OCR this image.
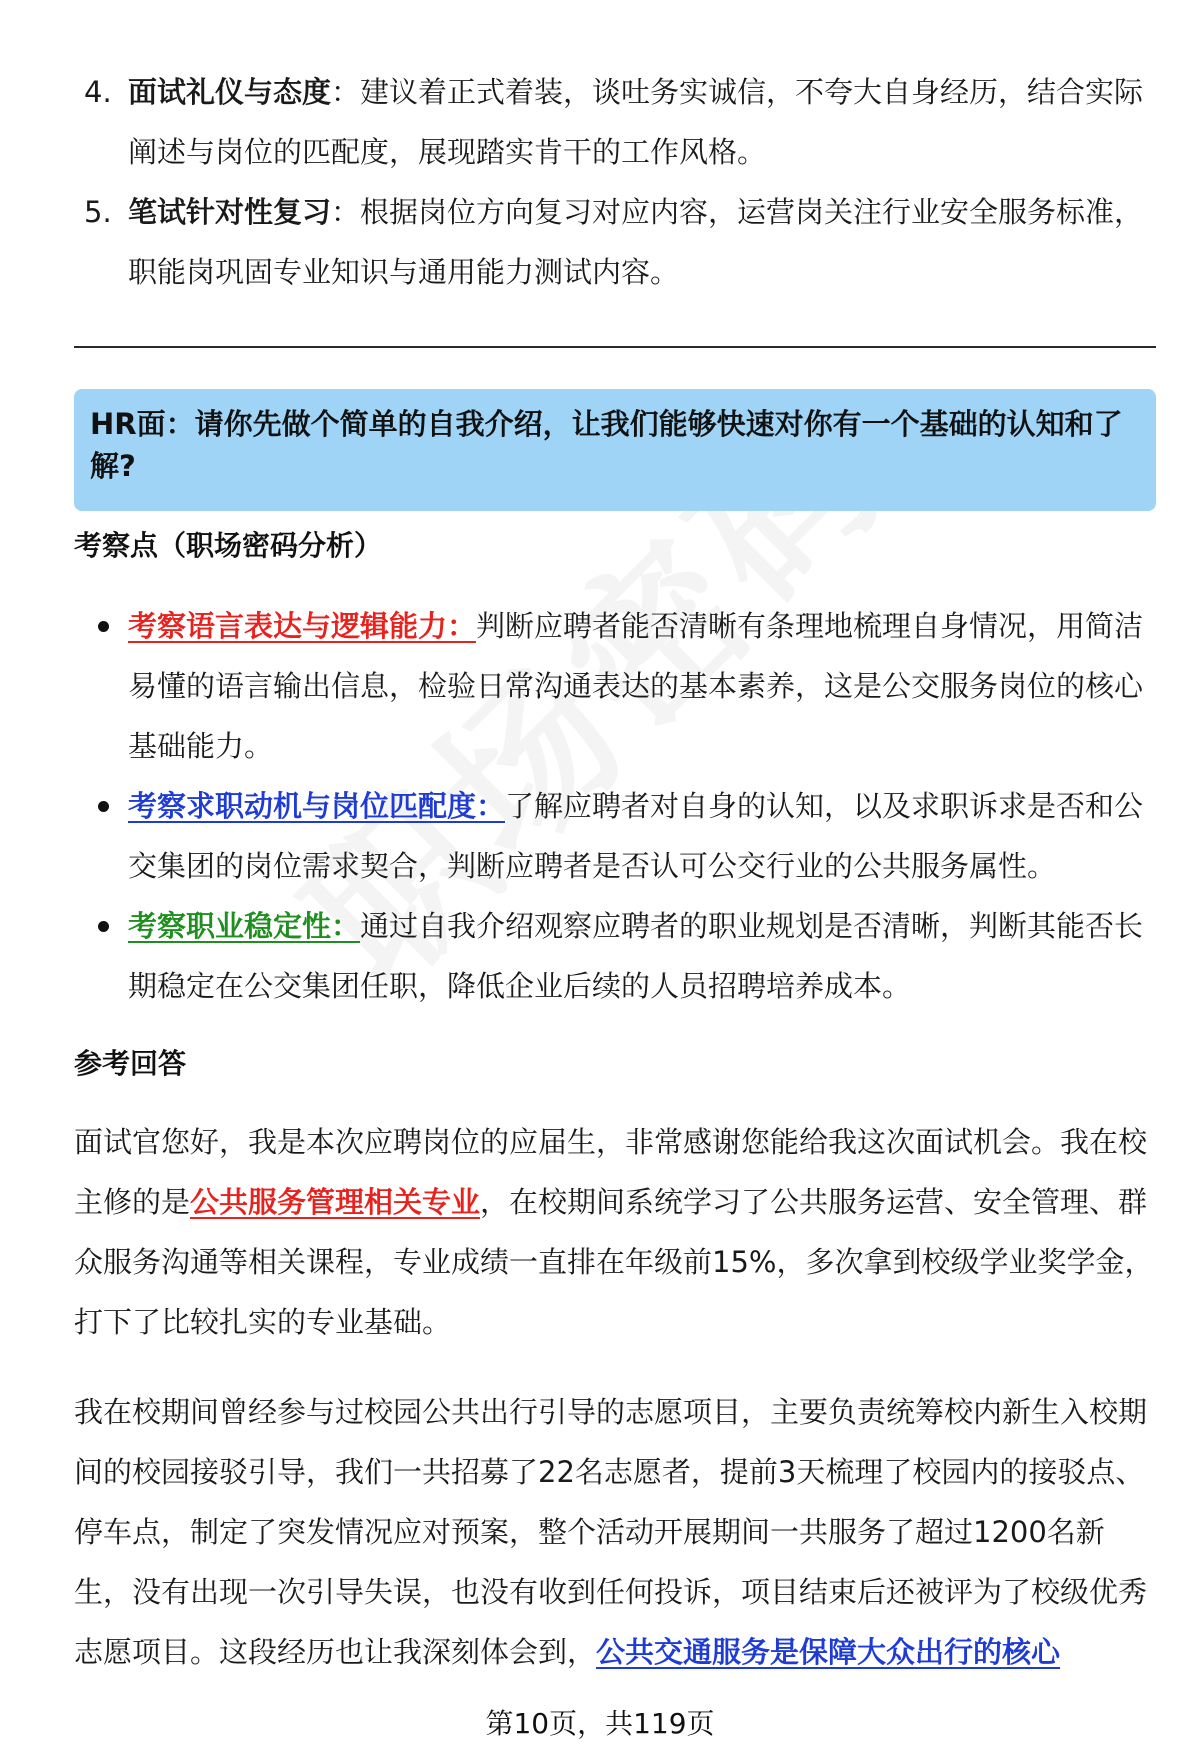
4. 面试礼仪与态度：建议着正式着装，谈吐务实诚信，不夸大自身经历，结合实际阐述与岗位的匹配度，展现踏实肯干的工作风格。
5. 笔试针对性复习：根据岗位方向复习对应内容，运营岗关注行业安全服务标准，职能岗巩固专业知识与通用能力测试内容。
HR面：请你先做个简单的自我介绍，让我们能够快速对你有一个基础的认知和了解?
考察点（职场密码分析）
考察语言表达与逻辑能力：判断应聘者能否清晰有条理地梳理自身情况，用简洁易懂的语言输出信息，检验日常沟通表达的基本素养，这是公交服务岗位的核心基础能力。
考察求职动机与岗位匹配度：了解应聘者对自身的认知，以及求职诉求是否和公交集团的岗位需求契合，判断应聘者是否认可公交行业的公共服务属性。
考察职业稳定性：通过自我介绍观察应聘者的职业规划是否清晰，判断其能否长期稳定在公交集团任职，降低企业后续的人员招聘培养成本。
参考回答

面试官您好，我是本次应聘岗位的应届生，非常感谢您能给我这次面试机会。我在校主修的是公共服务管理相关专业，在校期间系统学习了公共服务运营、安全管理、群众服务沟通等相关课程，专业成绩一直排在年级前15%，多次拿到校级学业奖学金，打下了比较扎实的专业基础。

我在校期间曾经参与过校园公共出行引导的志愿项目，主要负责统筹校内新生入校期间的校园接驳引导，我们一共招募了22名志愿者，提前3天梳理了校园内的接驳点、停车点，制定了突发情况应对预案，整个活动开展期间一共服务了超过1200名新生，没有出现一次引导失误，也没有收到任何投诉，项目结束后还被评为了校级优秀志愿项目。这段经历也让我深刻体会到，公共交通服务是保障大众出行的核心

第10页，共119页
